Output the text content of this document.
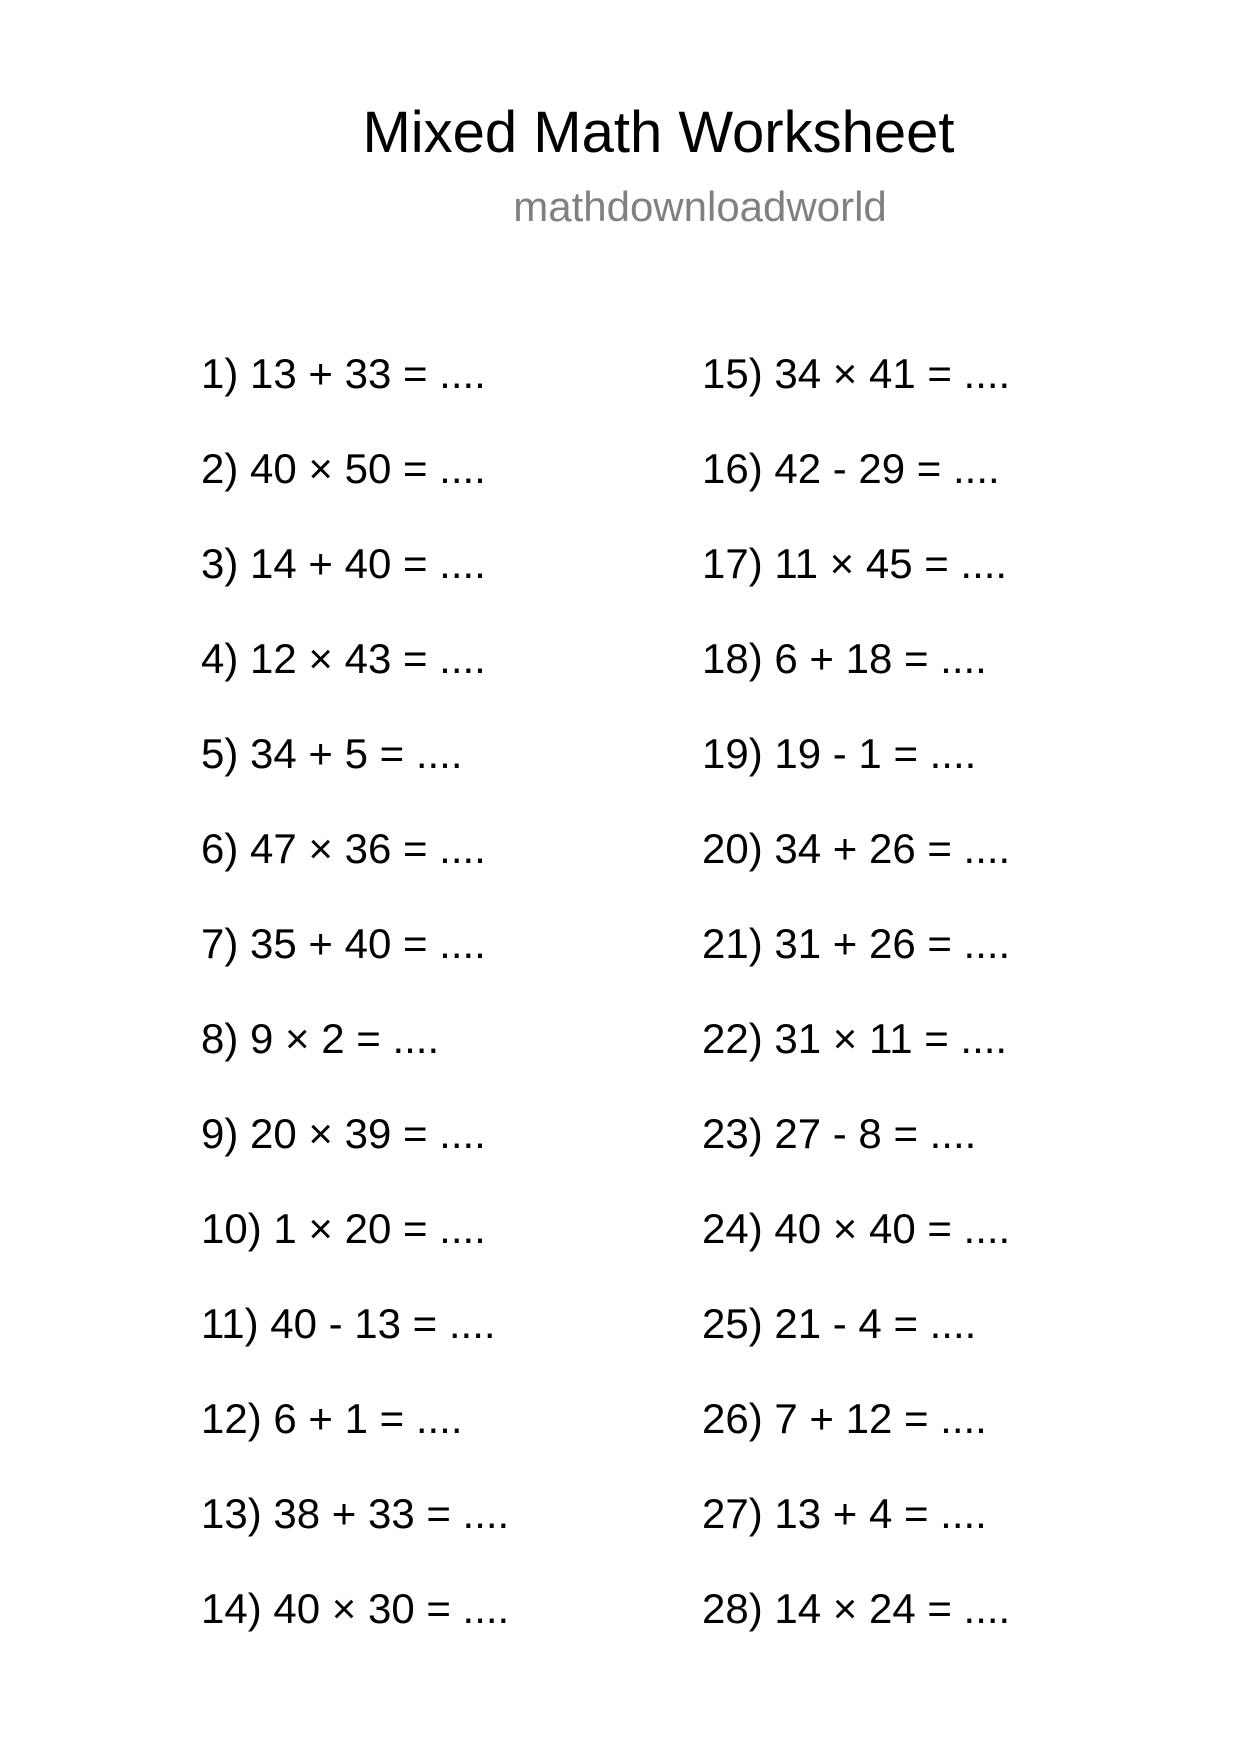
Mixed Math Worksheet
mathdownloadworld
1) 13 + 33 = ....
2) 40 × 50 = ....
3) 14 + 40 = ....
4) 12 × 43 = ....
5) 34 + 5 = ....
6) 47 × 36 = ....
7) 35 + 40 = ....
8) 9 × 2 = ....
9) 20 × 39 = ....
10) 1 × 20 = ....
11) 40 - 13 = ....
12) 6 + 1 = ....
13) 38 + 33 = ....
14) 40 × 30 = ....
15) 34 × 41 = ....
16) 42 - 29 = ....
17) 11 × 45 = ....
18) 6 + 18 = ....
19) 19 - 1 = ....
20) 34 + 26 = ....
21) 31 + 26 = ....
22) 31 × 11 = ....
23) 27 - 8 = ....
24) 40 × 40 = ....
25) 21 - 4 = ....
26) 7 + 12 = ....
27) 13 + 4 = ....
28) 14 × 24 = ....
